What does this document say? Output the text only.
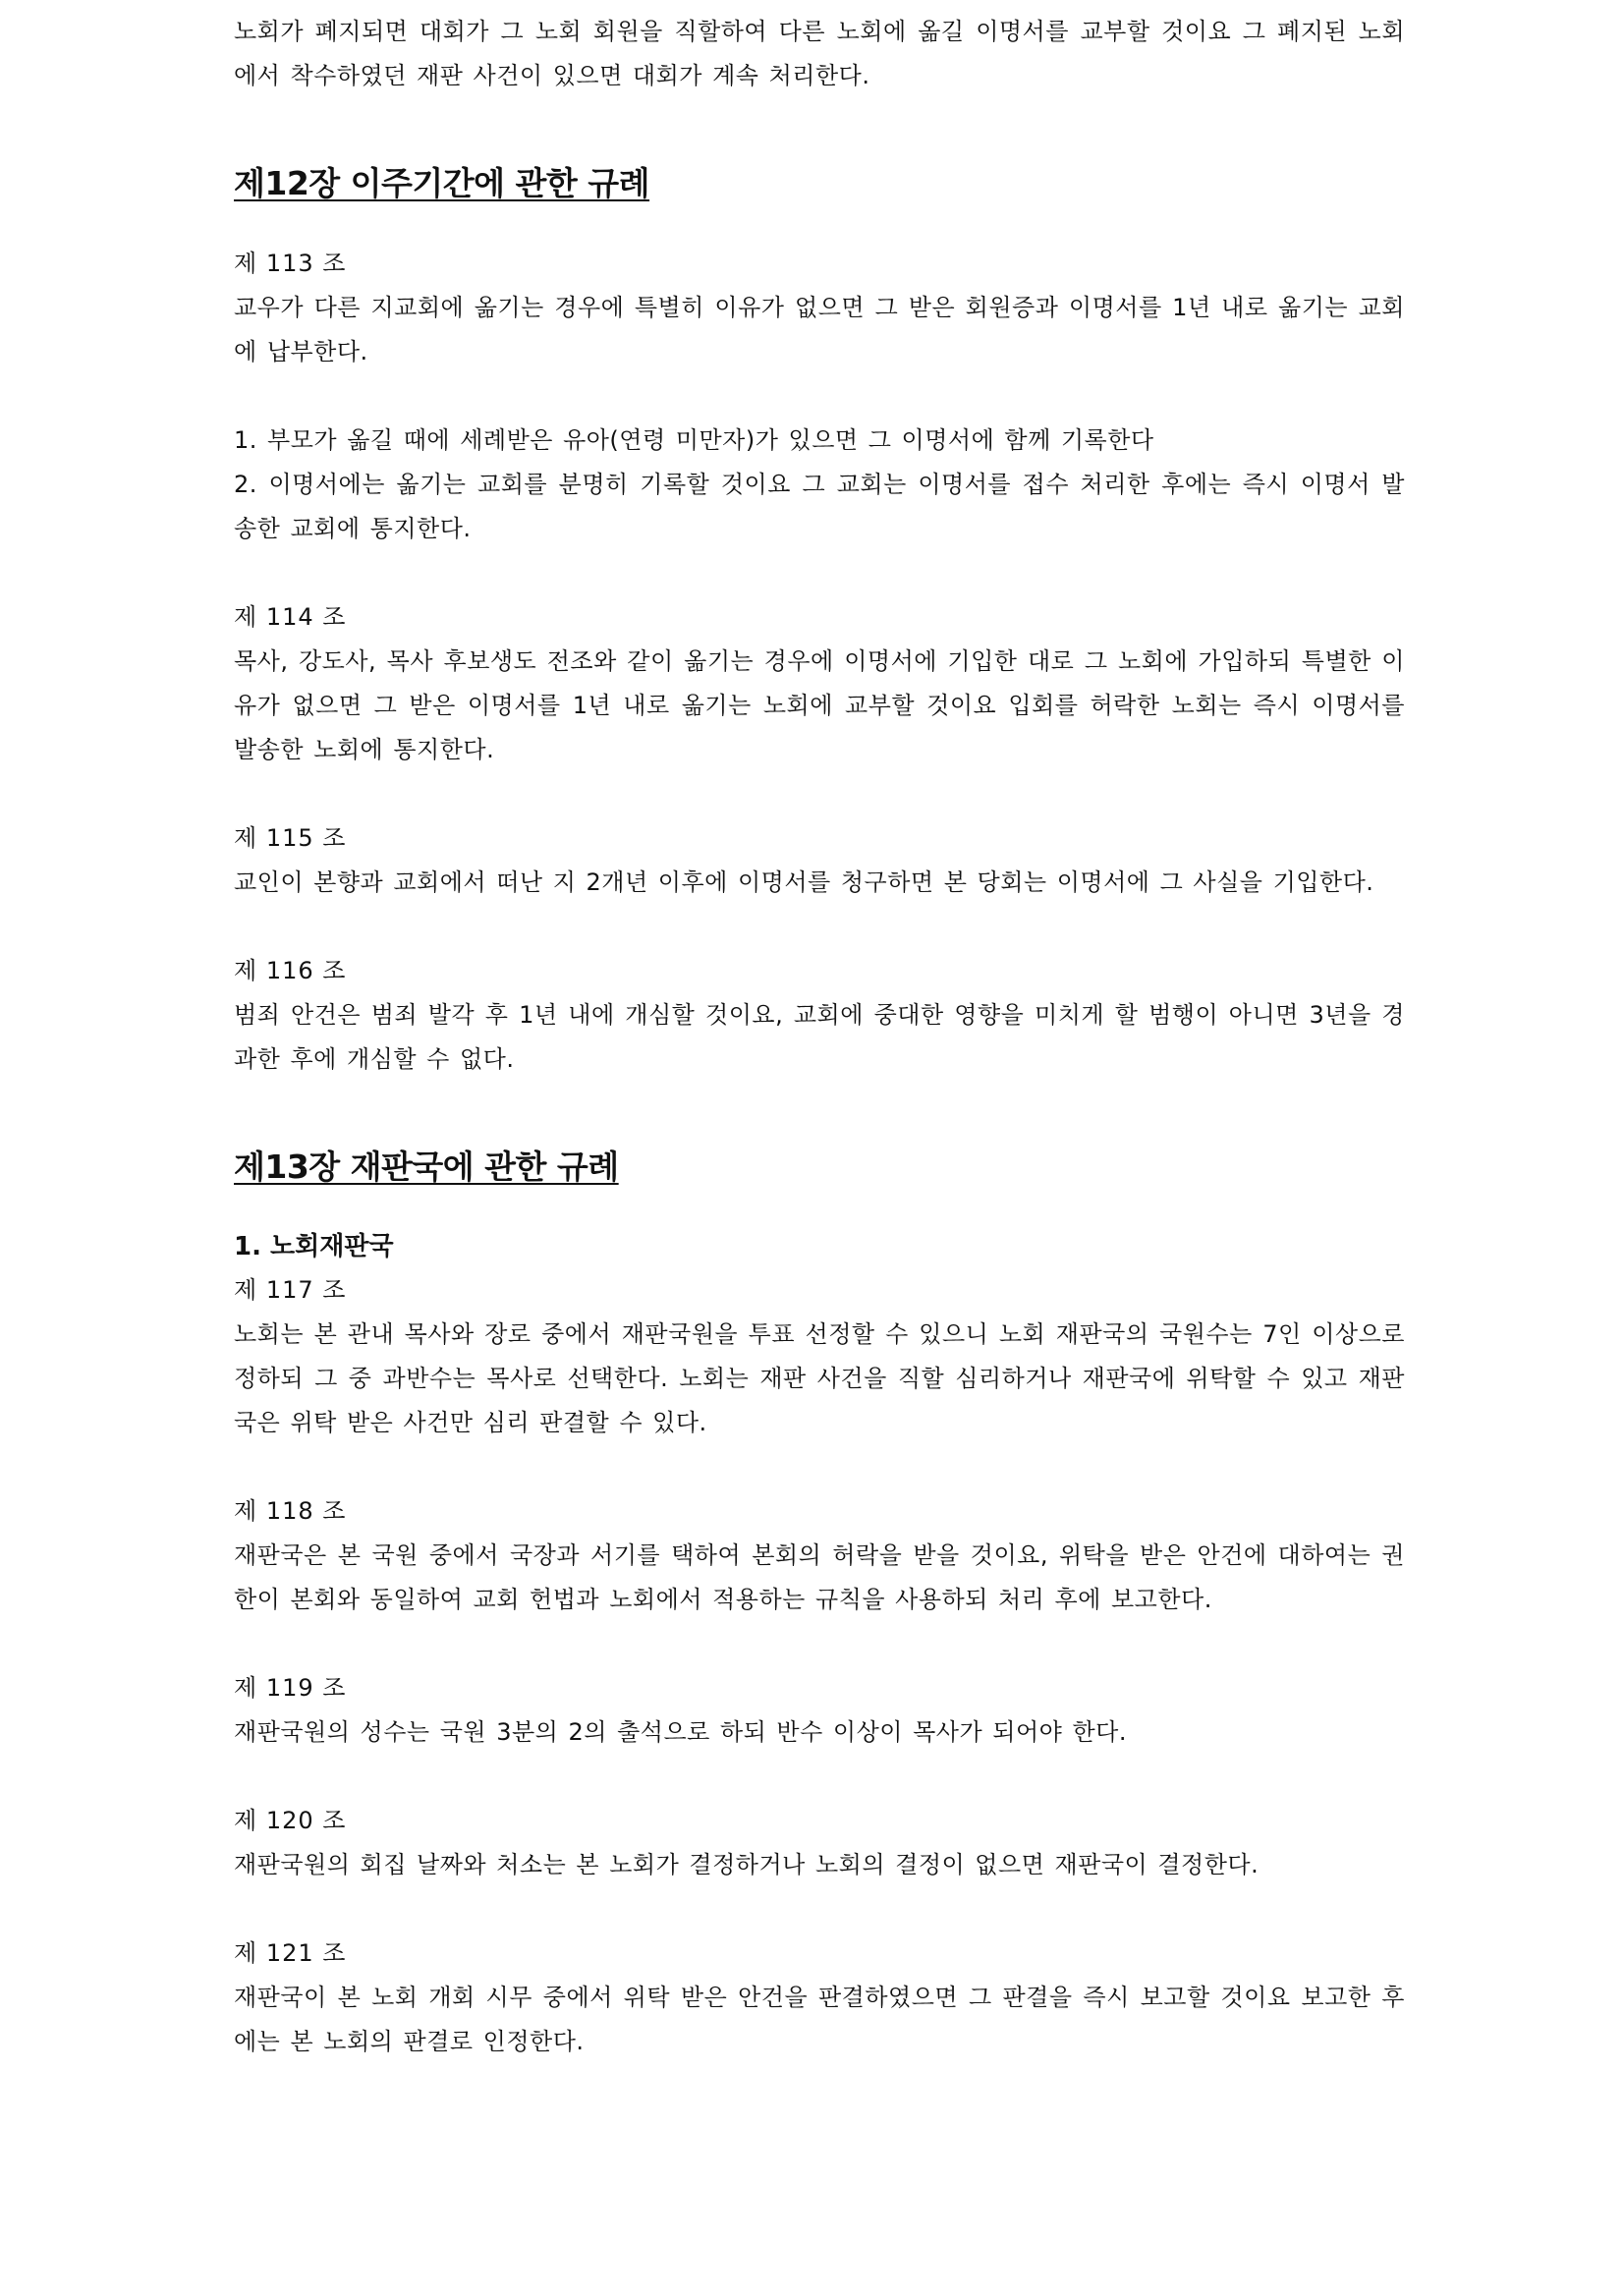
노회가 폐지되면 대회가 그 노회 회원을 직할하여 다른 노회에 옮길 이명서를 교부할 것이요 그 폐지된 노회에서 착수하였던 재판 사건이 있으면 대회가 계속 처리한다.

제12장 이주기간에 관한 규례

제 113 조

교우가 다른 지교회에 옮기는 경우에 특별히 이유가 없으면 그 받은 회원증과 이명서를 1년 내로 옮기는 교회에 납부한다.

1. 부모가 옮길 때에 세례받은 유아(연령 미만자)가 있으면 그 이명서에 함께 기록한다

2. 이명서에는 옮기는 교회를 분명히 기록할 것이요 그 교회는 이명서를 접수 처리한 후에는 즉시 이명서 발송한 교회에 통지한다.

제 114 조

목사, 강도사, 목사 후보생도 전조와 같이 옮기는 경우에 이명서에 기입한 대로 그 노회에 가입하되 특별한 이유가 없으면 그 받은 이명서를 1년 내로 옮기는 노회에 교부할 것이요 입회를 허락한 노회는 즉시 이명서를 발송한 노회에 통지한다.

제 115 조

교인이 본향과 교회에서 떠난 지 2개년 이후에 이명서를 청구하면 본 당회는 이명서에 그 사실을 기입한다.

제 116 조

범죄 안건은 범죄 발각 후 1년 내에 개심할 것이요, 교회에 중대한 영향을 미치게 할 범행이 아니면 3년을 경과한 후에 개심할 수 없다.

제13장 재판국에 관한 규례

1. 노회재판국

제 117 조

노회는 본 관내 목사와 장로 중에서 재판국원을 투표 선정할 수 있으니 노회 재판국의 국원수는 7인 이상으로 정하되 그 중 과반수는 목사로 선택한다. 노회는 재판 사건을 직할 심리하거나 재판국에 위탁할 수 있고 재판국은 위탁 받은 사건만 심리 판결할 수 있다.

제 118 조

재판국은 본 국원 중에서 국장과 서기를 택하여 본회의 허락을 받을 것이요, 위탁을 받은 안건에 대하여는 권한이 본회와 동일하여 교회 헌법과 노회에서 적용하는 규칙을 사용하되 처리 후에 보고한다.

제 119 조

재판국원의 성수는 국원 3분의 2의 출석으로 하되 반수 이상이 목사가 되어야 한다.

제 120 조

재판국원의 회집 날짜와 처소는 본 노회가 결정하거나 노회의 결정이 없으면 재판국이 결정한다.

제 121 조

재판국이 본 노회 개회 시무 중에서 위탁 받은 안건을 판결하였으면 그 판결을 즉시 보고할 것이요 보고한 후에는 본 노회의 판결로 인정한다.
